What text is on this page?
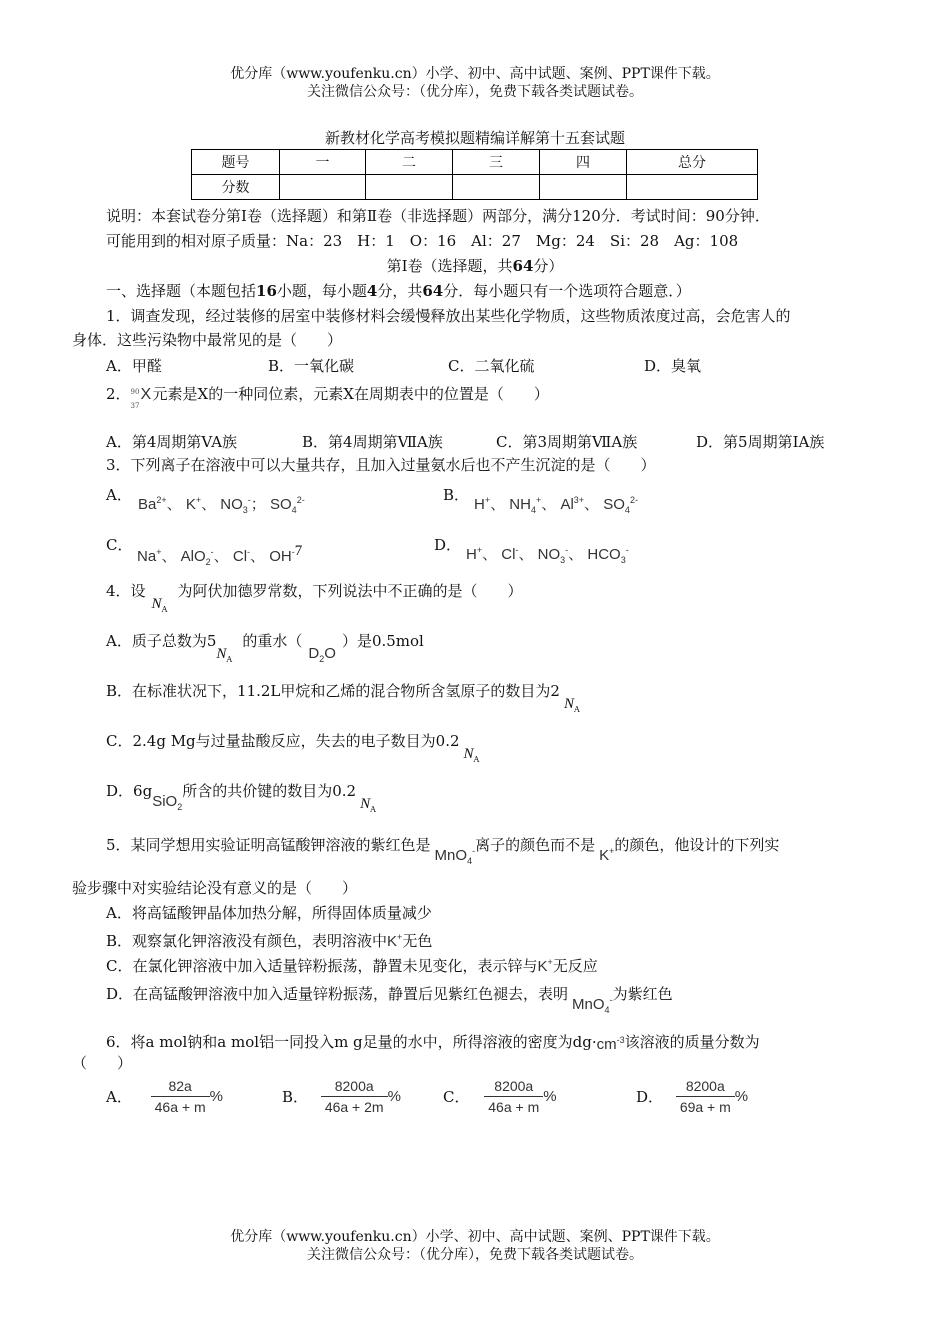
优分库（www.youfenku.cn）小学、初中、高中试题、案例、PPT课件下载。
关注微信公众号：（优分库），免费下载各类试题试卷。
新教材化学高考模拟题精编详解第十五套试题
题号	一	二	三	四	总分
分数					
说明：本套试卷分第Ⅰ卷（选择题）和第Ⅱ卷（非选择题）两部分，满分120分．考试时间：90分钟．
可能用到的相对原子质量：Na：23　H：1　O：16　Al：27　Mg：24　Si：28　Ag：108
第Ⅰ卷（选择题，共64分）
一、选择题（本题包括16小题，每小题4分，共64分．每小题只有一个选项符合题意．）
1．调查发现，经过装修的居室中装修材料会缓慢释放出某些化学物质，这些物质浓度过高，会危害人的
身体．这些污染物中最常见的是（　　）
A．甲醛	B．一氧化碳	C．二氧化硫	D．臭氧
2． 90
37
X 元素是X的一种同位素，元素X在周期表中的位置是（　　）
A．第4周期第VA族	B．第4周期第ⅦA族	C．第3周期第ⅦA族	D．第5周期第ⅠA族
3．下列离子在溶液中可以大量共存，且加入过量氨水后也不产生沉淀的是（　　）
A．
$Ba^{2+}$、 K+、 $NO_3^-$； $SO_4^{2-}$	B．
H+、 $NH_4^+$、 $Al^{3+}$、 $SO_4^{2-}$
C．
Na+、 AlO$_2$-、 Cl-、 OH-7	D．
H+、 Cl-、 $NO_3^-$、 $HCO_3^-$
4．设$N_A$为阿伏加德罗常数，下列说法中不正确的是（　　）
A．质子总数为$5N_A$的重水$(D_2O)$是0.5mol
B．在标准状况下，11.2L甲烷和乙烯的混合物所含氢原子的数目为$2N_A$
C．2.4g Mg与过量盐酸反应，失去的电子数目为$0.2N_A$
D．6gSiO$_2$所含的共价键的数目为$0.2N_A$
5．某同学想用实验证明高锰酸钾溶液的紫红色是MnO$_4$-离子的颜色而不是K+的颜色，他设计的下列实
验步骤中对实验结论没有意义的是（　　）
A．将高锰酸钾晶体加热分解，所得固体质量减少
B．观察氯化钾溶液没有颜色，表明溶液中K+无色
C．在氯化钾溶液中加入适量锌粉振荡，静置未见变化，表示锌与K+无反应
D．在高锰酸钾溶液中加入适量锌粉振荡，静置后见紫红色褪去，表明MnO$_4$-为紫红色
6．将a mol钠和a mol铝一同投入m g足量的水中，所得溶液的密度为$dg\cdot cm^{-3}$该溶液的质量分数为
（　　）
A． $\frac{82a}{46a + m}$ %	B． $\frac{8200a}{46a + 2m}$ %	C． $\frac{8200a}{46a + m}$ %	D． $\frac{8200a}{69a + m}$ %
优分库（www.youfenku.cn）小学、初中、高中试题、案例、PPT课件下载。
关注微信公众号：（优分库），免费下载各类试题试卷。
